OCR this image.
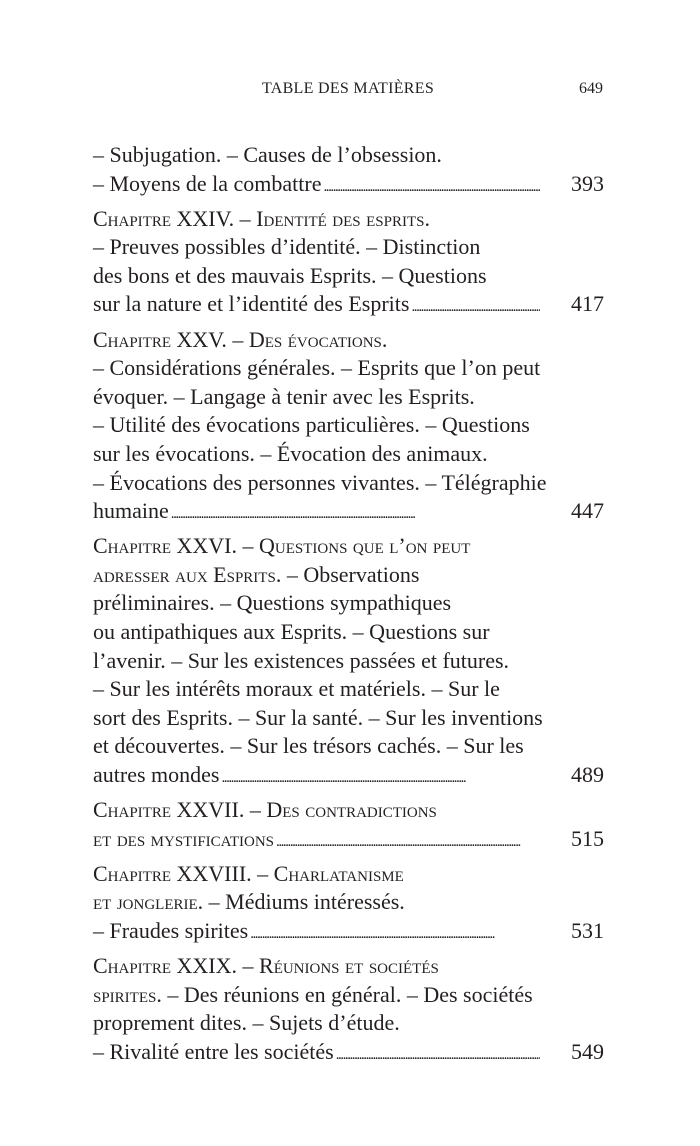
TABLE DES MATIÈRES	649
– Subjugation. – Causes de l’obsession.
– Moyens de la combattre . . .	393
Chapitre XXIV. – Identité des esprits.
– Preuves possibles d’identité. – Distinction
des bons et des mauvais Esprits. – Questions
sur la nature et l’identité des Esprits . . .	417
Chapitre XXV. – Des évocations.
– Considérations générales. – Esprits que l’on peut
évoquer. – Langage à tenir avec les Esprits.
– Utilité des évocations particulières. – Questions
sur les évocations. – Évocation des animaux.
– Évocations des personnes vivantes. – Télégraphie
humaine . . .	447
Chapitre XXVI. – Questions que l’on peut
adresser aux Esprits . – Observations
préliminaires. – Questions sympathiques
ou antipathiques aux Esprits. – Questions sur
l’avenir. – Sur les existences passées et futures.
– Sur les intérêts moraux et matériels. – Sur le
sort des Esprits. – Sur la santé. – Sur les inventions
et découvertes. – Sur les trésors cachés. – Sur les
autres mondes . . .	489
Chapitre XXVII. – Des contradictions
et des mystifications . . .	515
Chapitre XXVIII. – Charlatanisme
et jonglerie . – Médiums intéressés.
– Fraudes spirites . . .	531
Chapitre XXIX. – Réunions et sociétés
spirites . – Des réunions en général. – Des sociétés
proprement dites. – Sujets d’étude.
– Rivalité entre les sociétés . . .	549
